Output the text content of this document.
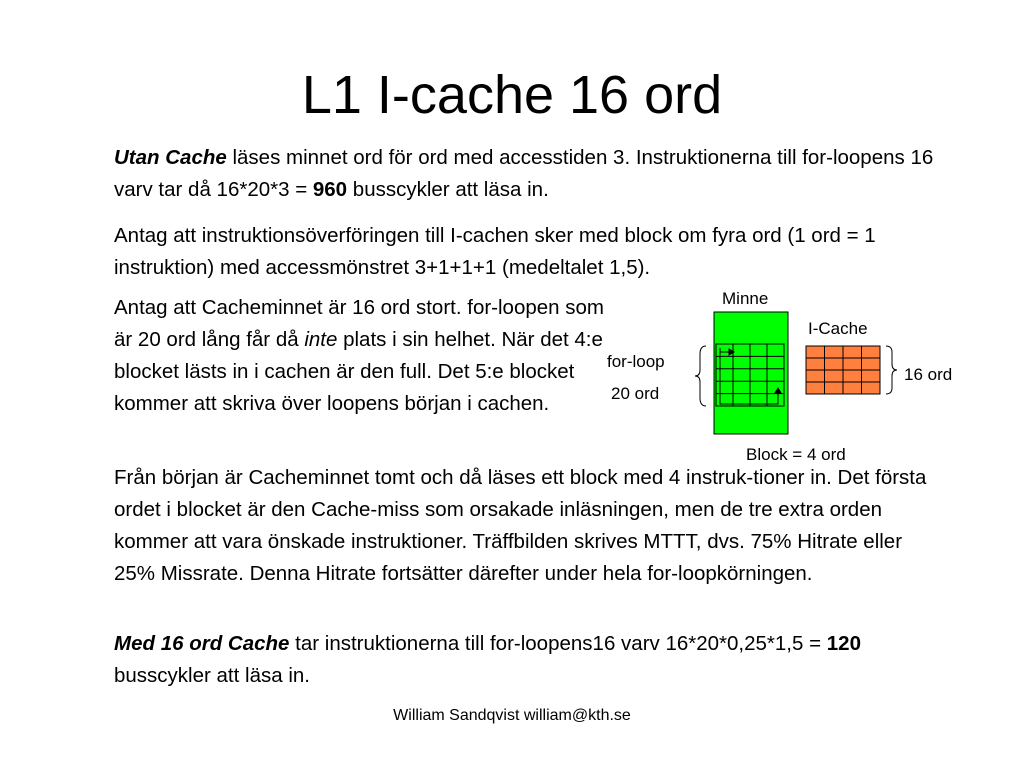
L1 I-cache 16 ord

Utan Cache läses minnet ord för ord med accesstiden 3. Instruktionerna till for-loopens 16 varv tar då 16*20*3 = 960 busscykler att läsa in.

Antag att instruktionsöverföringen till I-cachen sker med block om fyra ord (1 ord = 1 instruktion) med accessmönstret 3+1+1+1 (medeltalet 1,5).

Antag att Cacheminnet är 16 ord stort. for-loopen som är 20 ord lång får då inte plats i sin helhet. När det 4:e blocket lästs in i cachen är den full. Det 5:e blocket kommer att skriva över loopens början i cachen.

Minne
for-loop
20 ord
I-Cache
16 ord
Block = 4 ord

Från början är Cacheminnet tomt och då läses ett block med 4 instruk-tioner in. Det första ordet i blocket är den Cache-miss som orsakade inläsningen, men de tre extra orden kommer att vara önskade instruktioner. Träffbilden skrives MTTT, dvs. 75% Hitrate eller 25% Missrate. Denna Hitrate fortsätter därefter under hela for-loopkörningen.

Med 16 ord Cache tar instruktionerna till for-loopens16 varv 16*20*0,25*1,5 = 120 busscykler att läsa in.

William Sandqvist william@kth.se
